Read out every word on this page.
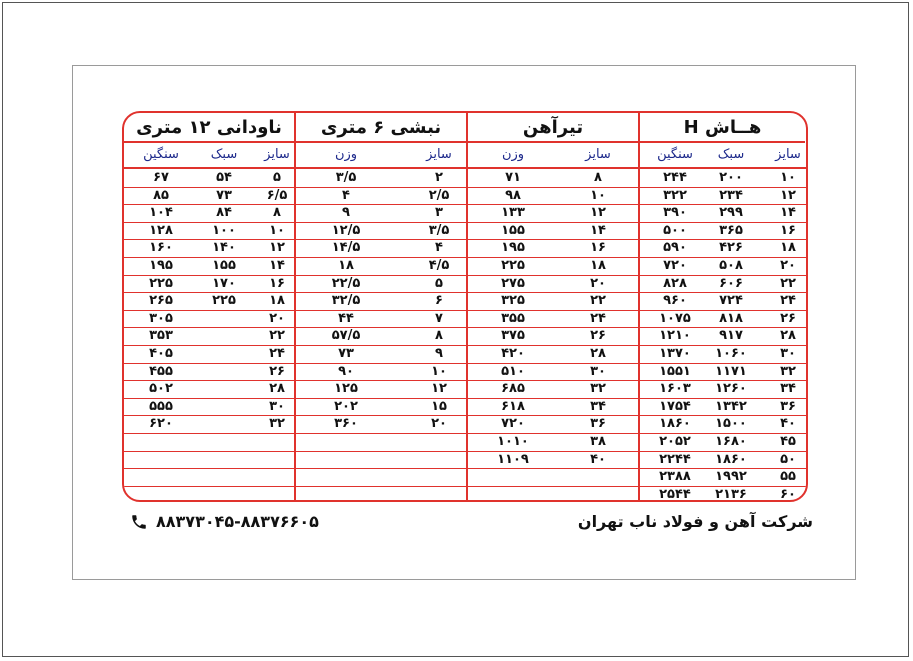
ناودانی ۱۲ متری
سایز
سبک
سنگین
۵
۵۴
۶۷
۶/۵
۷۳
۸۵
۸
۸۴
۱۰۴
۱۰
۱۰۰
۱۲۸
۱۲
۱۴۰
۱۶۰
۱۴
۱۵۵
۱۹۵
۱۶
۱۷۰
۲۲۵
۱۸
۲۲۵
۲۶۵
۲۰
۳۰۵
۲۲
۳۵۳
۲۴
۴۰۵
۲۶
۴۵۵
۲۸
۵۰۲
۳۰
۵۵۵
۳۲
۶۲۰
نبشی ۶ متری
سایز
وزن
۲
۳/۵
۲/۵
۴
۳
۹
۳/۵
۱۲/۵
۴
۱۴/۵
۴/۵
۱۸
۵
۲۲/۵
۶
۳۲/۵
۷
۴۴
۸
۵۷/۵
۹
۷۳
۱۰
۹۰
۱۲
۱۲۵
۱۵
۲۰۲
۲۰
۳۶۰
تیرآهن
سایز
وزن
۸
۷۱
۱۰
۹۸
۱۲
۱۳۳
۱۴
۱۵۵
۱۶
۱۹۵
۱۸
۲۲۵
۲۰
۲۷۵
۲۲
۳۲۵
۲۴
۳۵۵
۲۶
۳۷۵
۲۸
۴۲۰
۳۰
۵۱۰
۳۲
۶۸۵
۳۴
۶۱۸
۳۶
۷۲۰
۳۸
۱۰۱۰
۴۰
۱۱۰۹
هــاش H
سایز
سبک
سنگین
۱۰
۲۰۰
۲۴۴
۱۲
۲۳۴
۳۲۲
۱۴
۲۹۹
۳۹۰
۱۶
۳۶۵
۵۰۰
۱۸
۴۲۶
۵۹۰
۲۰
۵۰۸
۷۲۰
۲۲
۶۰۶
۸۲۸
۲۴
۷۲۴
۹۶۰
۲۶
۸۱۸
۱۰۷۵
۲۸
۹۱۷
۱۲۱۰
۳۰
۱۰۶۰
۱۳۷۰
۳۲
۱۱۷۱
۱۵۵۱
۳۴
۱۲۶۰
۱۶۰۳
۳۶
۱۳۴۲
۱۷۵۴
۴۰
۱۵۰۰
۱۸۶۰
۴۵
۱۶۸۰
۲۰۵۲
۵۰
۱۸۶۰
۲۲۴۴
۵۵
۱۹۹۲
۲۳۸۸
۶۰
۲۱۳۶
۲۵۴۴
شرکت آهن و فولاد ناب تهران
۸۸۳۷۳۰۴۵-۸۸۳۷۶۶۰۵
